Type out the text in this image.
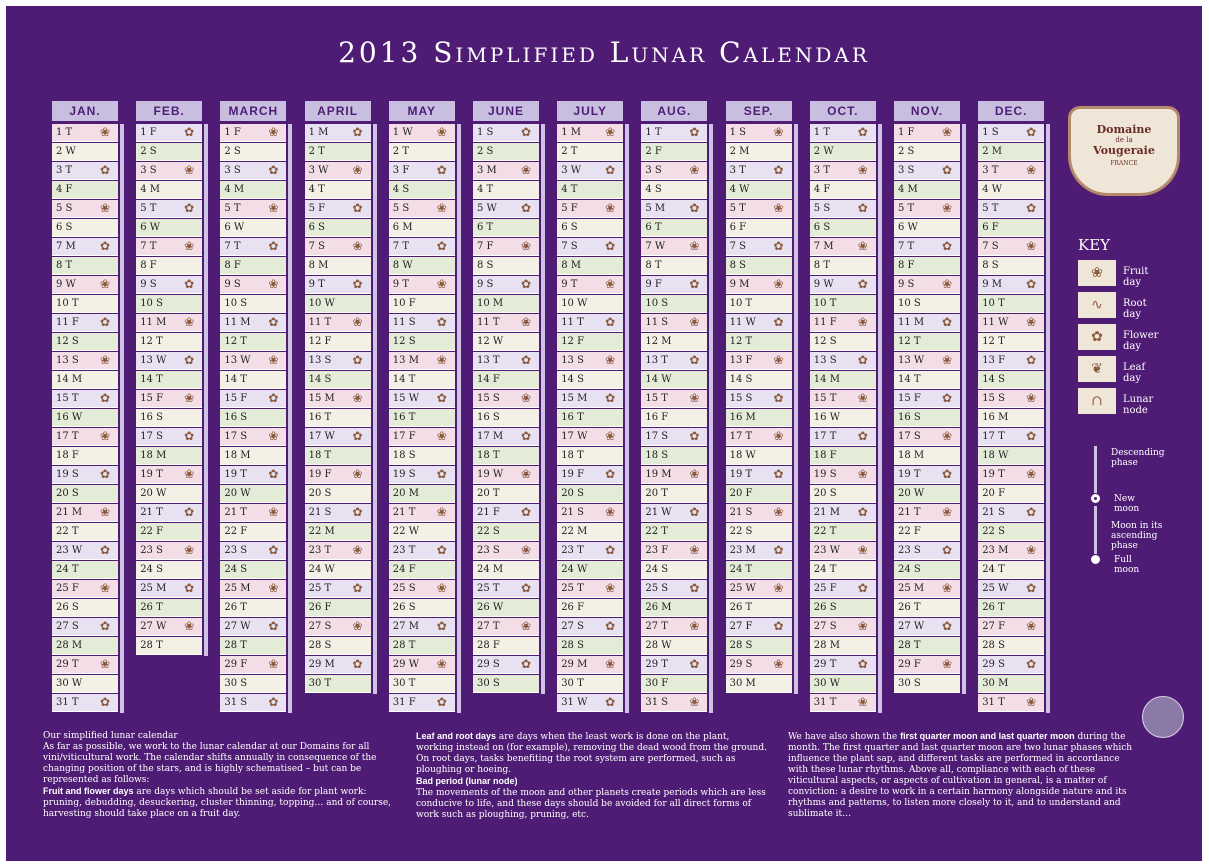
2013 Simplified Lunar Calendar
JAN.
1 T ❀
2 W
3 T ✿
4 F
5 S ❀
6 S
7 M ✿
8 T
9 W ❀
10 T
11 F ✿
12 S
13 S ❀
14 M
15 T ✿
16 W
17 T ❀
18 F
19 S ✿
20 S
21 M ❀
22 T
23 W ✿
24 T
25 F ❀
26 S
27 S ✿
28 M
29 T ❀
30 W
31 T ✿
FEB.
1 F ✿
2 S
3 S ❀
4 M
5 T ✿
6 W
7 T ❀
8 F
9 S ✿
10 S
11 M ❀
12 T
13 W ✿
14 T
15 F ❀
16 S
17 S ✿
18 M
19 T ❀
20 W
21 T ✿
22 F
23 S ❀
24 S
25 M ✿
26 T
27 W ❀
28 T
MARCH
1 F ❀
2 S
3 S ✿
4 M
5 T ❀
6 W
7 T ✿
8 F
9 S ❀
10 S
11 M ✿
12 T
13 W ❀
14 T
15 F ✿
16 S
17 S ❀
18 M
19 T ✿
20 W
21 T ❀
22 F
23 S ✿
24 S
25 M ❀
26 T
27 W ✿
28 T
29 F ❀
30 S
31 S ✿
APRIL
1 M ✿
2 T
3 W ❀
4 T
5 F ✿
6 S
7 S ❀
8 M
9 T ✿
10 W
11 T ❀
12 F
13 S ✿
14 S
15 M ❀
16 T
17 W ✿
18 T
19 F ❀
20 S
21 S ✿
22 M
23 T ❀
24 W
25 T ✿
26 F
27 S ❀
28 S
29 M ✿
30 T
MAY
1 W ❀
2 T
3 F ✿
4 S
5 S ❀
6 M
7 T ✿
8 W
9 T ❀
10 F
11 S ✿
12 S
13 M ❀
14 T
15 W ✿
16 T
17 F ❀
18 S
19 S ✿
20 M
21 T ❀
22 W
23 T ✿
24 F
25 S ❀
26 S
27 M ✿
28 T
29 W ❀
30 T
31 F ✿
JUNE
1 S ✿
2 S
3 M ❀
4 T
5 W ✿
6 T
7 F ❀
8 S
9 S ✿
10 M
11 T ❀
12 W
13 T ✿
14 F
15 S ❀
16 S
17 M ✿
18 T
19 W ❀
20 T
21 F ✿
22 S
23 S ❀
24 M
25 T ✿
26 W
27 T ❀
28 F
29 S ✿
30 S
JULY
1 M ❀
2 T
3 W ✿
4 T
5 F ❀
6 S
7 S ✿
8 M
9 T ❀
10 W
11 T ✿
12 F
13 S ❀
14 S
15 M ✿
16 T
17 W ❀
18 T
19 F ✿
20 S
21 S ❀
22 M
23 T ✿
24 W
25 T ❀
26 F
27 S ✿
28 S
29 M ❀
30 T
31 W ✿
AUG.
1 T ✿
2 F
3 S ❀
4 S
5 M ✿
6 T
7 W ❀
8 T
9 F ✿
10 S
11 S ❀
12 M
13 T ✿
14 W
15 T ❀
16 F
17 S ✿
18 S
19 M ❀
20 T
21 W ✿
22 T
23 F ❀
24 S
25 S ✿
26 M
27 T ❀
28 W
29 T ✿
30 F
31 S ❀
SEP.
1 S ❀
2 M
3 T ✿
4 W
5 T ❀
6 F
7 S ✿
8 S
9 M ❀
10 T
11 W ✿
12 T
13 F ❀
14 S
15 S ✿
16 M
17 T ❀
18 W
19 T ✿
20 F
21 S ❀
22 S
23 M ✿
24 T
25 W ❀
26 T
27 F ✿
28 S
29 S ❀
30 M
OCT.
1 T ✿
2 W
3 T ❀
4 F
5 S ✿
6 S
7 M ❀
8 T
9 W ✿
10 T
11 F ❀
12 S
13 S ✿
14 M
15 T ❀
16 W
17 T ✿
18 F
19 S ❀
20 S
21 M ✿
22 T
23 W ❀
24 T
25 F ✿
26 S
27 S ❀
28 M
29 T ✿
30 W
31 T ❀
NOV.
1 F ❀
2 S
3 S ✿
4 M
5 T ❀
6 W
7 T ✿
8 F
9 S ❀
10 S
11 M ✿
12 T
13 W ❀
14 T
15 F ✿
16 S
17 S ❀
18 M
19 T ✿
20 W
21 T ❀
22 F
23 S ✿
24 S
25 M ❀
26 T
27 W ✿
28 T
29 F ❀
30 S
DEC.
1 S ✿
2 M
3 T ❀
4 W
5 T ✿
6 F
7 S ❀
8 S
9 M ✿
10 T
11 W ❀
12 T
13 F ✿
14 S
15 S ❀
16 M
17 T ✿
18 W
19 T ❀
20 F
21 S ✿
22 S
23 M ❀
24 T
25 W ✿
26 T
27 F ❀
28 S
29 S ✿
30 M
31 T ❀
Domaine
de la
Vougeraie
FRANCE
KEY
❀	Fruit day
∿	Root day
✿	Flower day
❦	Leaf day
∩	Lunar node
Descending phase
New moon
Moon in its ascending phase
Full moon
Our simplified lunar calendar
As far as possible, we work to the lunar calendar at our Domains for all vini/viticultural work. The calendar shifts annually in consequence of the changing position of the stars, and is highly schematised – but can be represented as follows:
Fruit and flower days are days which should be set aside for plant work: pruning, debudding, desuckering, cluster thinning, topping… and of course, harvesting should take place on a fruit day.
Leaf and root days are days when the least work is done on the plant, working instead on (for example), removing the dead wood from the ground. On root days, tasks benefiting the root system are performed, such as ploughing or hoeing.
Bad period (lunar node)
The movements of the moon and other planets create periods which are less conducive to life, and these days should be avoided for all direct forms of work such as ploughing, pruning, etc.
We have also shown the first quarter moon and last quarter moon during the month. The first quarter and last quarter moon are two lunar phases which influence the plant sap, and different tasks are performed in accordance with these lunar rhythms. Above all, compliance with each of these viticultural aspects, or aspects of cultivation in general, is a matter of conviction: a desire to work in a certain harmony alongside nature and its rhythms and patterns, to listen more closely to it, and to understand and sublimate it…
